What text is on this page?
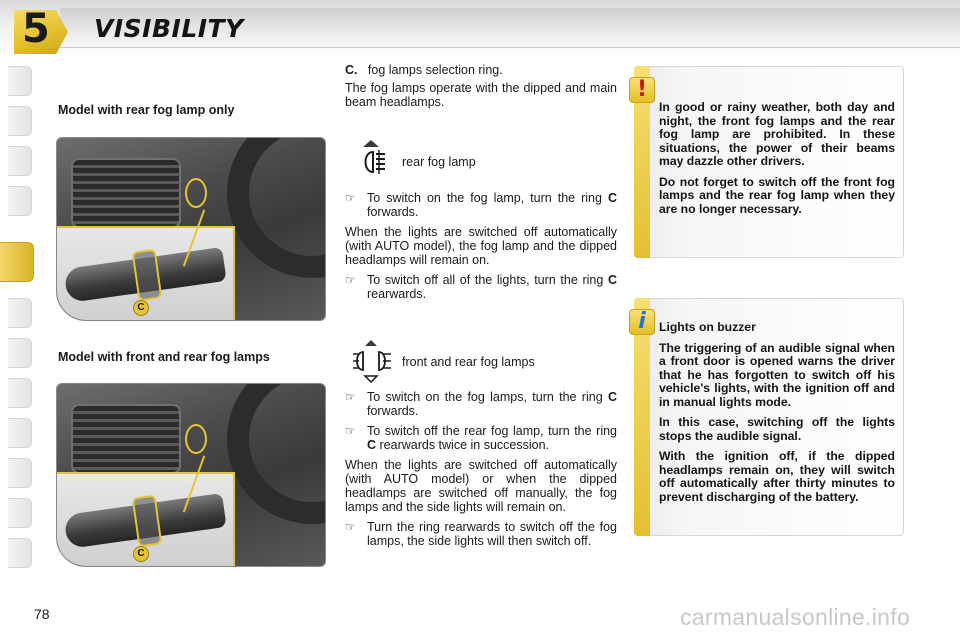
5 VISIBILITY
Model with rear fog lamp only
C
Model with front and rear fog lamps
C

C. fog lamps selection ring.

The fog lamps operate with the dipped and main beam headlamps.

rear fog lamp
☞ To switch on the fog lamp, turn the ring C forwards.

When the lights are switched off automatically (with AUTO model), the fog lamp and the dipped headlamps will remain on.

☞ To switch off all of the lights, turn the ring C rearwards.
front and rear fog lamps
☞ To switch on the fog lamps, turn the ring C forwards.
☞ To switch off the rear fog lamp, turn the ring C rearwards twice in succession.

When the lights are switched off automatically (with AUTO model) or when the dipped headlamps are switched off manually, the fog lamps and the side lights will remain on.

☞ Turn the ring rearwards to switch off the fog lamps, the side lights will then switch off.
!

In good or rainy weather, both day and night, the front fog lamps and the rear fog lamp are prohibited. In these situations, the power of their beams may dazzle other drivers.

Do not forget to switch off the front fog lamps and the rear fog lamp when they are no longer necessary.

i	Lights on buzzer

The triggering of an audible signal when a front door is opened warns the driver that he has forgotten to switch off his vehicle's lights, with the ignition off and in manual lights mode.

In this case, switching off the lights stops the audible signal.

With the ignition off, if the dipped headlamps remain on, they will switch off automatically after thirty minutes to prevent discharging of the battery.

78	carmanualsonline.info
